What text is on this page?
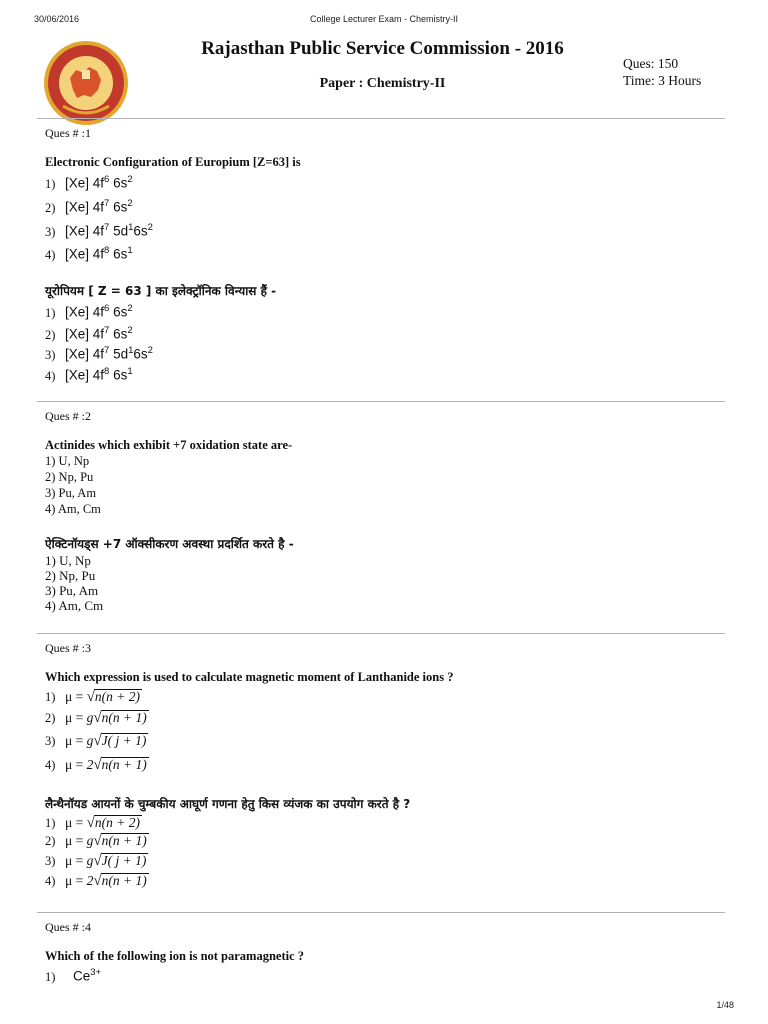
30/06/2016	College Lecturer Exam - Chemistry-II
1/48
Rajasthan Public Service Commission - 2016
Paper : Chemistry-II
Ques: 150
Time: 3 Hours
Ques # :1
Electronic Configuration of Europium [Z=63] is
1) [Xe] $4f^6$ $6s^2$
2) [Xe] $4f^7$ $6s^2$
3) [Xe] $4f^7$ $5d^16s^2$
4) [Xe] $4f^8$ $6s^1$
यूरोपियम [ Z = 63 ] का इलेक्ट्रॉनिक विन्यास हैं -
1) [Xe] $4f^6$ $6s^2$
2) [Xe] $4f^7$ $6s^2$
3) [Xe] $4f^7$ $5d^16s^2$
4) [Xe] $4f^8$ $6s^1$
Ques # :2
Actinides which exhibit +7 oxidation state are-
1) U, Np
2) Np, Pu
3) Pu, Am
4) Am, Cm
ऐक्टिनॉयड्स +7 ऑक्सीकरण अवस्था प्रदर्शित करते है -
1) U, Np
2) Np, Pu
3) Pu, Am
4) Am, Cm
Ques # :3
Which expression is used to calculate magnetic moment of Lanthanide ions ?
1) μ = √n(n + 2)
2) μ = g√n(n + 1)
3) μ = g√J( j + 1)
4) μ = 2√n(n + 1)
लैन्थैनॉयड आयनों के चुम्बकीय आघूर्ण गणना हेतु किस व्यंजक का उपयोग करते है ?
1) μ = √n(n + 2)
2) μ = g√n(n + 1)
3) μ = g√J( j + 1)
4) μ = 2√n(n + 1)
Ques # :4
Which of the following ion is not paramagnetic ?
1)	$Ce^{3+}$
